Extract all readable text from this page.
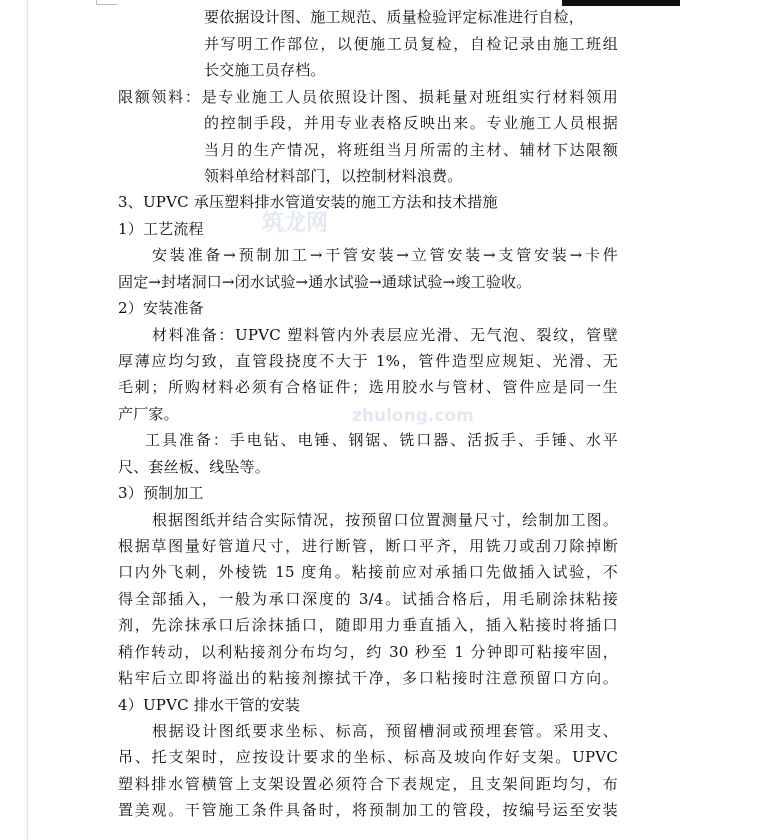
要依据设计图、施工规范、质量检验评定标准进行自检，
并写明工作部位，以便施工员复检，自检记录由施工班组
长交施工员存档。
限额领料：是专业施工人员依照设计图、损耗量对班组实行材料领用
的控制手段，并用专业表格反映出来。专业施工人员根据
当月的生产情况，将班组当月所需的主材、辅材下达限额
领料单给材料部门，以控制材料浪费。
3、UPVC 承压塑料排水管道安装的施工方法和技术措施
1）工艺流程
安装准备→预制加工→干管安装→立管安装→支管安装→卡件
固定→封堵洞口→闭水试验→通水试验→通球试验→竣工验收。
2）安装准备
材料准备：UPVC 塑料管内外表层应光滑、无气泡、裂纹，管壁
厚薄应均匀致，直管段挠度不大于 1%，管件造型应规矩、光滑、无
毛刺；所购材料必须有合格证件；选用胶水与管材、管件应是同一生
产厂家。
工具准备：手电钻、电锤、钢锯、铣口器、活扳手、手锤、水平
尺、套丝板、线坠等。
3）预制加工
根据图纸并结合实际情况，按预留口位置测量尺寸，绘制加工图。
根据草图量好管道尺寸，进行断管，断口平齐，用铣刀或刮刀除掉断
口内外飞刺，外棱铣 15 度角。粘接前应对承插口先做插入试验，不
得全部插入，一般为承口深度的 3/4。试插合格后，用毛刷涂抹粘接
剂，先涂抹承口后涂抹插口，随即用力垂直插入，插入粘接时将插口
稍作转动，以利粘接剂分布均匀，约 30 秒至 1 分钟即可粘接牢固，
粘牢后立即将溢出的粘接剂擦拭干净，多口粘接时注意预留口方向。
4）UPVC 排水干管的安装
根据设计图纸要求坐标、标高，预留槽洞或预埋套管。采用支、
吊、托支架时，应按设计要求的坐标、标高及坡向作好支架。UPVC
塑料排水管横管上支架设置必须符合下表规定，且支架间距均匀，布
置美观。干管施工条件具备时，将预制加工的管段，按编号运至安装
筑龙网
zhulong.com
